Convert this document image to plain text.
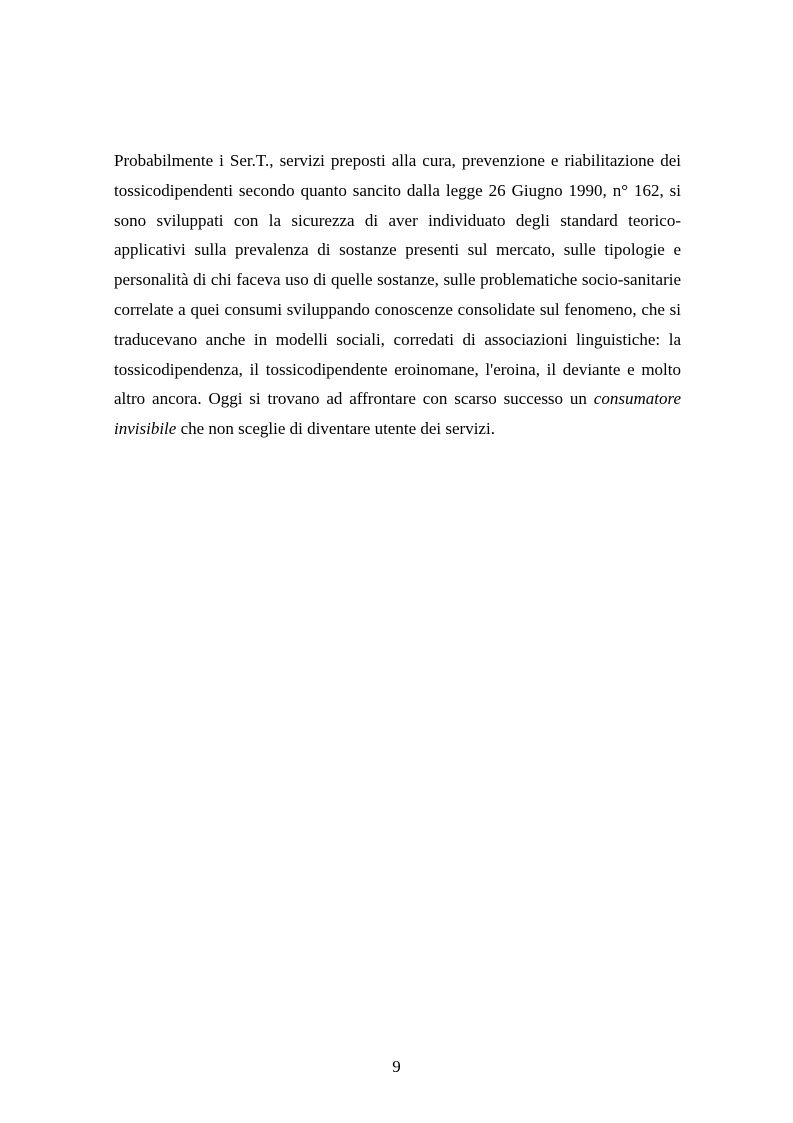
Probabilmente i Ser.T., servizi preposti alla cura, prevenzione e riabilitazione dei tossicodipendenti secondo quanto sancito dalla legge 26 Giugno 1990, n° 162, si sono sviluppati con la sicurezza di aver individuato degli standard teorico-applicativi sulla prevalenza di sostanze presenti sul mercato, sulle tipologie e personalità di chi faceva uso di quelle sostanze, sulle problematiche socio-sanitarie correlate a quei consumi sviluppando conoscenze consolidate sul fenomeno, che si traducevano anche in modelli sociali, corredati di associazioni linguistiche: la tossicodipendenza, il tossicodipendente eroinomane, l'eroina, il deviante e molto altro ancora. Oggi si trovano ad affrontare con scarso successo un consumatore invisibile che non sceglie di diventare utente dei servizi.

9
